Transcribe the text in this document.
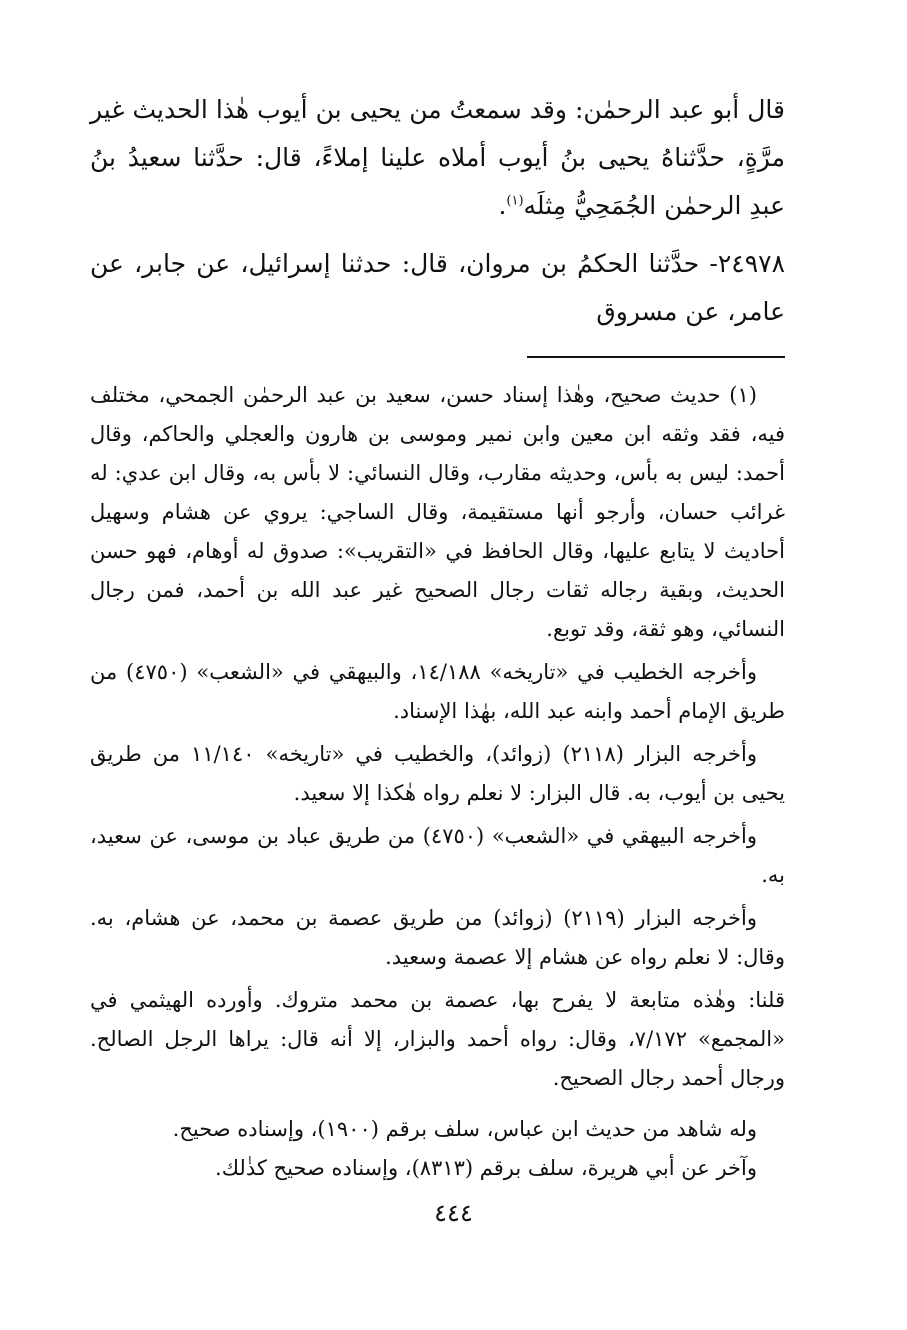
قال أبو عبد الرحمٰن: وقد سمعتُ من يحيى بن أيوب هٰذا الحديث غير مرَّةٍ، حدَّثناهُ يحيى بنُ أيوب أملاه علينا إملاءً، قال: حدَّثنا سعيدُ بنُ عبدِ الرحمٰن الجُمَحِيُّ مِثلَه$^{(١)}$.

٢٤٩٧٨- حدَّثنا الحكمُ بن مروان، قال: حدثنا إسرائيل، عن جابر، عن عامر، عن مسروق

(١) حديث صحيح، وهٰذا إسناد حسن، سعيد بن عبد الرحمٰن الجمحي، مختلف فيه، فقد وثقه ابن معين وابن نمير وموسى بن هارون والعجلي والحاكم، وقال أحمد: ليس به بأس، وحديثه مقارب، وقال النسائي: لا بأس به، وقال ابن عدي: له غرائب حسان، وأرجو أنها مستقيمة، وقال الساجي: يروي عن هشام وسهيل أحاديث لا يتابع عليها، وقال الحافظ في «التقريب»: صدوق له أوهام، فهو حسن الحديث، وبقية رجاله ثقات رجال الصحيح غير عبد الله بن أحمد، فمن رجال النسائي، وهو ثقة، وقد توبع.

وأخرجه الخطيب في «تاريخه» ١٤/١٨٨، والبيهقي في «الشعب» (٤٧٥٠) من طريق الإمام أحمد وابنه عبد الله، بهٰذا الإسناد.

وأخرجه البزار (٢١١٨) (زوائد)، والخطيب في «تاريخه» ١١/١٤٠ من طريق يحيى بن أيوب، به. قال البزار: لا نعلم رواه هٰكذا إلا سعيد.

وأخرجه البيهقي في «الشعب» (٤٧٥٠) من طريق عباد بن موسى، عن سعيد، به.

وأخرجه البزار (٢١١٩) (زوائد) من طريق عصمة بن محمد، عن هشام، به. وقال: لا نعلم رواه عن هشام إلا عصمة وسعيد.

قلنا: وهٰذه متابعة لا يفرح بها، عصمة بن محمد متروك. وأورده الهيثمي في «المجمع» ٧/١٧٢، وقال: رواه أحمد والبزار، إلا أنه قال: يراها الرجل الصالح. ورجال أحمد رجال الصحيح.

وله شاهد من حديث ابن عباس، سلف برقم (١٩٠٠)، وإسناده صحيح.

وآخر عن أبي هريرة، سلف برقم (٨٣١٣)، وإسناده صحيح كذٰلك.

٤٤٤
